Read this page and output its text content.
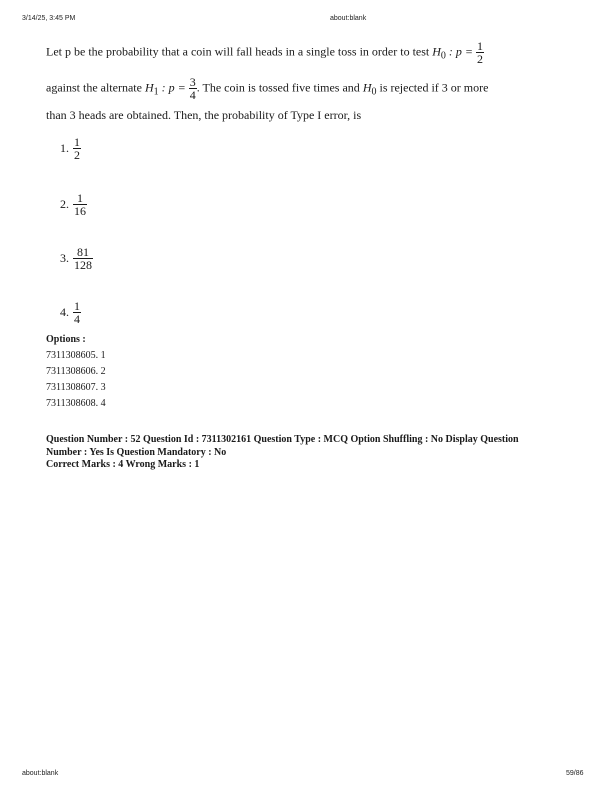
3/14/25, 3:45 PM	about:blank
Let p be the probability that a coin will fall heads in a single toss in order to test $H_0$ : $p = \frac{1}{2}$
against the alternate $H_1$ : $p = \frac{3}{4}$ . The coin is tossed five times and $H_0$ is rejected if 3 or more
than 3 heads are obtained. Then, the probability of Type I error, is
1. $\frac{1}{2}$
2. $\frac{1}{16}$
3. $\frac{81}{128}$
4. $\frac{1}{4}$
Options :
7311308605. 1
7311308606. 2
7311308607. 3
7311308608. 4
Question Number : 52 Question Id : 7311302161 Question Type : MCQ Option Shuffling : No Display Question
Number : Yes Is Question Mandatory : No
Correct Marks : 4 Wrong Marks : 1
about:blank	59/86
